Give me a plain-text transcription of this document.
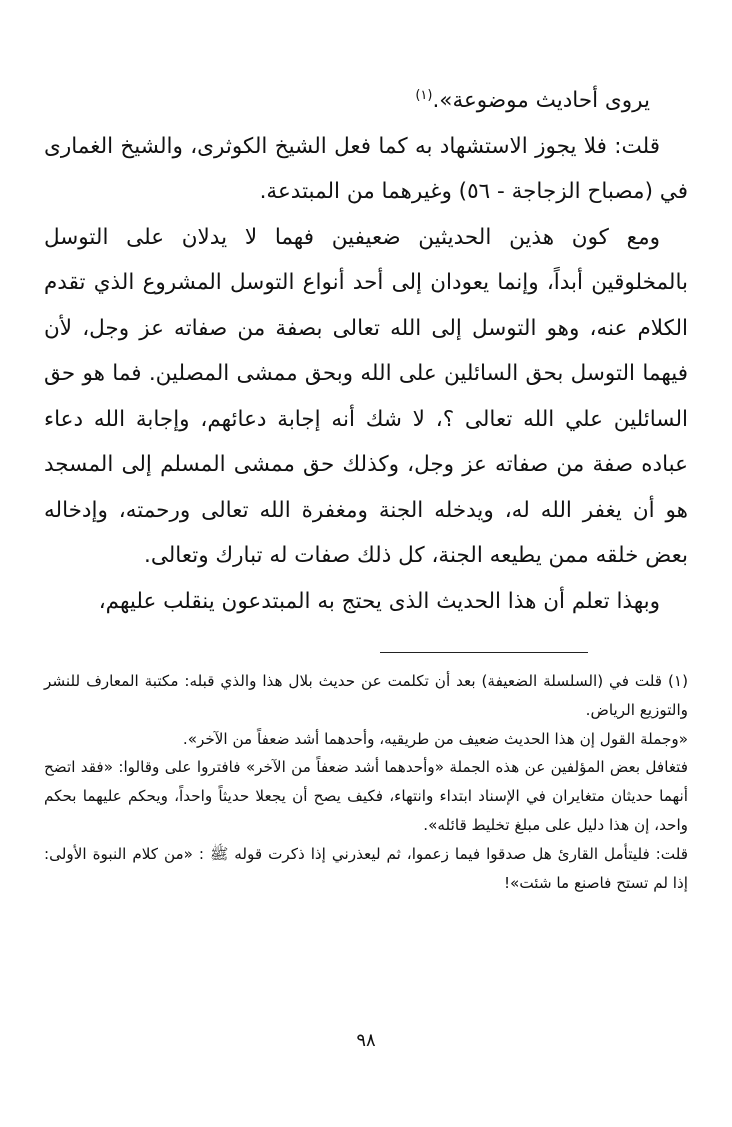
يروى أحاديث موضوعة».$^{(١)}$

قلت: فلا يجوز الاستشهاد به كما فعل الشيخ الكوثرى، والشيخ الغمارى في (مصباح الزجاجة - ٥٦) وغيرهما من المبتدعة.

ومع كون هذين الحديثين ضعيفين فهما لا يدلان على التوسل بالمخلوقين أبداً، وإنما يعودان إلى أحد أنواع التوسل المشروع الذي تقدم الكلام عنه، وهو التوسل إلى الله تعالى بصفة من صفاته عز وجل، لأن فيهما التوسل بحق السائلين على الله وبحق ممشى المصلين. فما هو حق السائلين علي الله تعالى ؟، لا شك أنه إجابة دعائهم، وإجابة الله دعاء عباده صفة من صفاته عز وجل، وكذلك حق ممشى المسلم إلى المسجد هو أن يغفر الله له، ويدخله الجنة ومغفرة الله تعالى ورحمته، وإدخاله بعض خلقه ممن يطيعه الجنة، كل ذلك صفات له تبارك وتعالى.

وبهذا تعلم أن هذا الحديث الذى يحتج به المبتدعون ينقلب عليهم،

(١) قلت في (السلسلة الضعيفة) بعد أن تكلمت عن حديث بلال هذا والذي قبله: مكتبة المعارف للنشر والتوزيع الرياض.

«وجملة القول إن هذا الحديث ضعيف من طريقيه، وأحدهما أشد ضعفاً من الآخر».

فتغافل بعض المؤلفين عن هذه الجملة «وأحدهما أشد ضعفاً من الآخر» فافتروا على وقالوا: «فقد اتضح أنهما حديثان متغايران في الإسناد ابتداء وانتهاء، فكيف يصح أن يجعلا حديثاً واحداً، ويحكم عليهما بحكم واحد، إن هذا دليل على مبلغ تخليط قائله».

قلت: فليتأمل القارئ هل صدقوا فيما زعموا، ثم ليعذرني إذا ذكرت قوله ﷺ : «من كلام النبوة الأولى: إذا لم تستح فاصنع ما شئت»!

٩٨
